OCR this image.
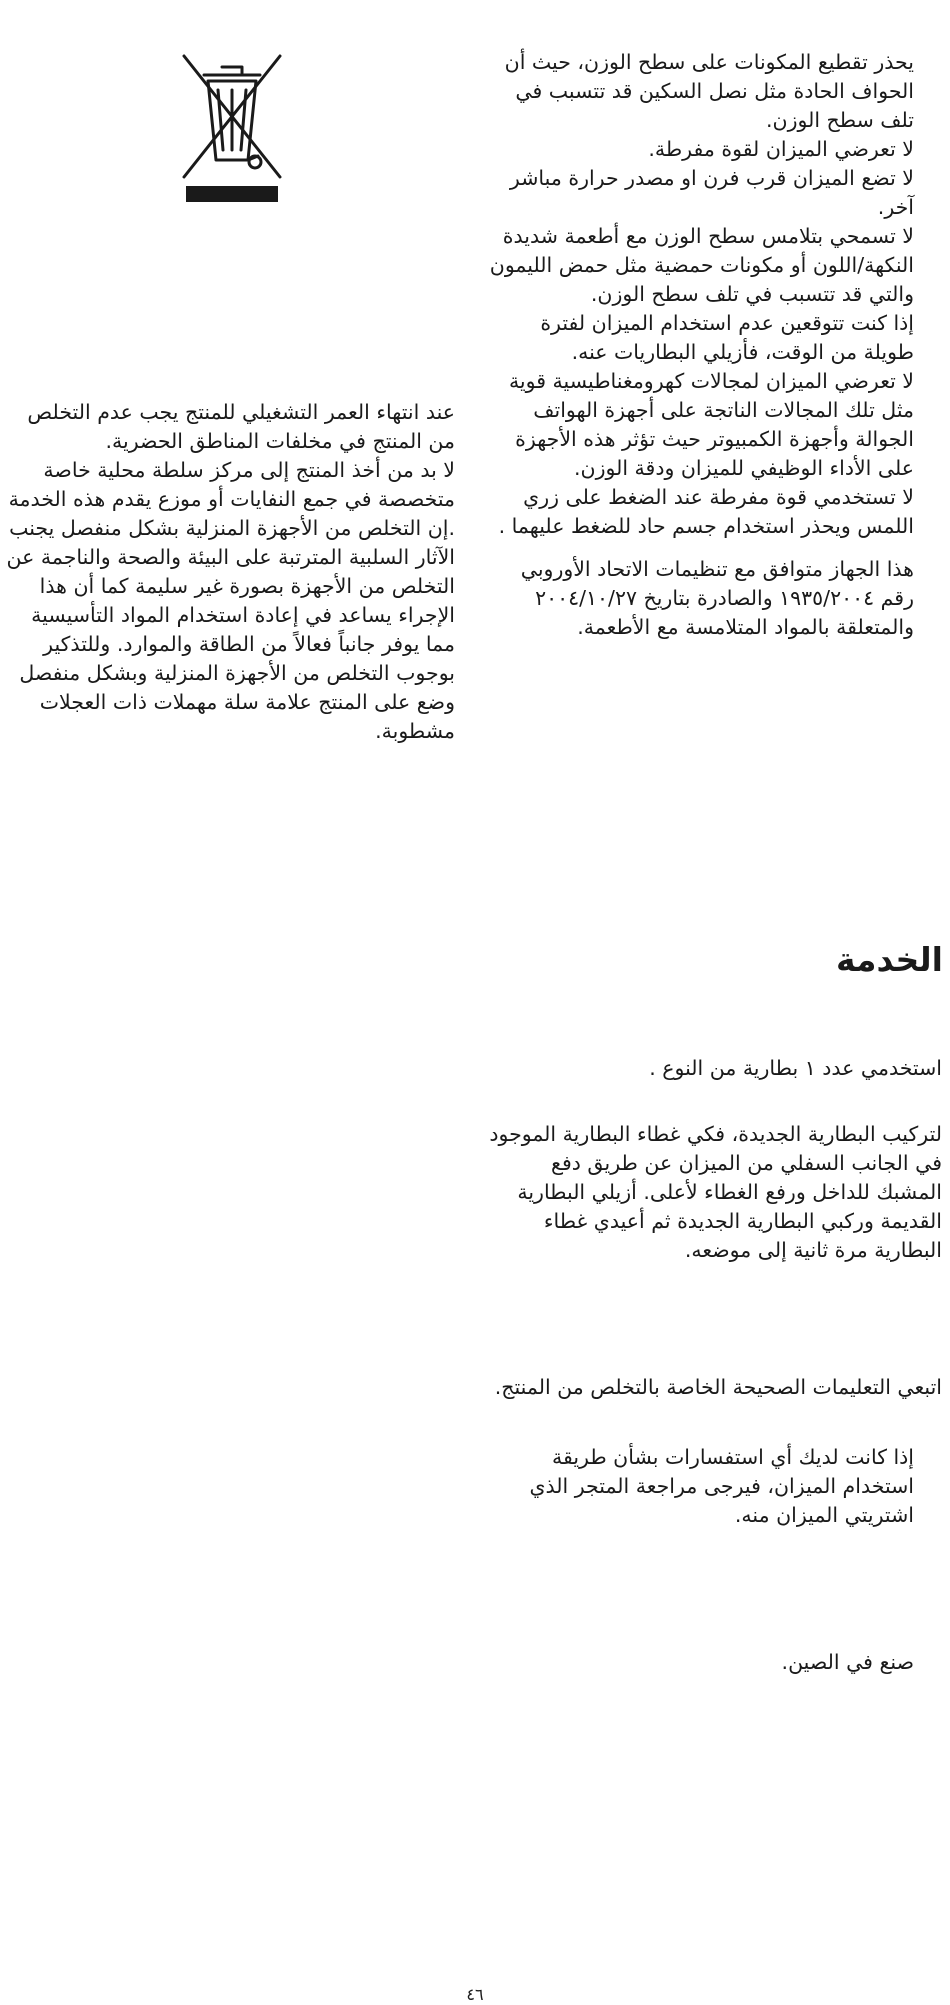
يحذر تقطيع المكونات على سطح الوزن، حيث أن الحواف الحادة مثل نصل السكين قد تتسبب في تلف سطح الوزن.

لا تعرضي الميزان لقوة مفرطة.

لا تضع الميزان قرب فرن او مصدر حرارة مباشر آخر.

لا تسمحي بتلامس سطح الوزن مع أطعمة شديدة النكهة/اللون أو مكونات حمضية مثل حمض الليمون والتي قد تتسبب في تلف سطح الوزن.

إذا كنت تتوقعين عدم استخدام الميزان لفترة طويلة من الوقت، فأزيلي البطاريات عنه.

لا تعرضي الميزان لمجالات كهرومغناطيسية قوية مثل تلك المجالات الناتجة على أجهزة الهواتف الجوالة وأجهزة الكمبيوتر حيث تؤثر هذه الأجهزة على الأداء الوظيفي للميزان ودقة الوزن.

لا تستخدمي قوة مفرطة عند الضغط على زري اللمس ويحذر استخدام جسم حاد للضغط عليهما .

هذا الجهاز متوافق مع تنظيمات الاتحاد الأوروبي رقم ١٩٣٥/٢٠٠٤ والصادرة بتاريخ ٢٠٠٤/١٠/٢٧ والمتعلقة بالمواد المتلامسة مع الأطعمة.

عند انتهاء العمر التشغيلي للمنتج يجب عدم التخلص من المنتج في مخلفات المناطق الحضرية.

لا بد من أخذ المنتج إلى مركز سلطة محلية خاصة متخصصة في جمع النفايات أو موزع يقدم هذه الخدمة .إن التخلص من الأجهزة المنزلية بشكل منفصل يجنب الآثار السلبية المترتبة على البيئة والصحة والناجمة عن التخلص من الأجهزة بصورة غير سليمة كما أن هذا الإجراء يساعد في إعادة استخدام المواد التأسيسية مما يوفر جانباً فعالاً من الطاقة والموارد. وللتذكير بوجوب التخلص من الأجهزة المنزلية وبشكل منفصل وضع على المنتج علامة سلة مهملات ذات العجلات مشطوبة.

الخدمة

استخدمي عدد ١ بطارية من النوع .

لتركيب البطارية الجديدة، فكي غطاء البطارية الموجود في الجانب السفلي من الميزان عن طريق دفع المشبك للداخل ورفع الغطاء لأعلى. أزيلي البطارية القديمة وركبي البطارية الجديدة ثم أعيدي غطاء البطارية مرة ثانية إلى موضعه.

اتبعي التعليمات الصحيحة الخاصة بالتخلص من المنتج.

إذا كانت لديك أي استفسارات بشأن طريقة استخدام الميزان، فيرجى مراجعة المتجر الذي اشتريتي الميزان منه.

صنع في الصين.

٤٦
